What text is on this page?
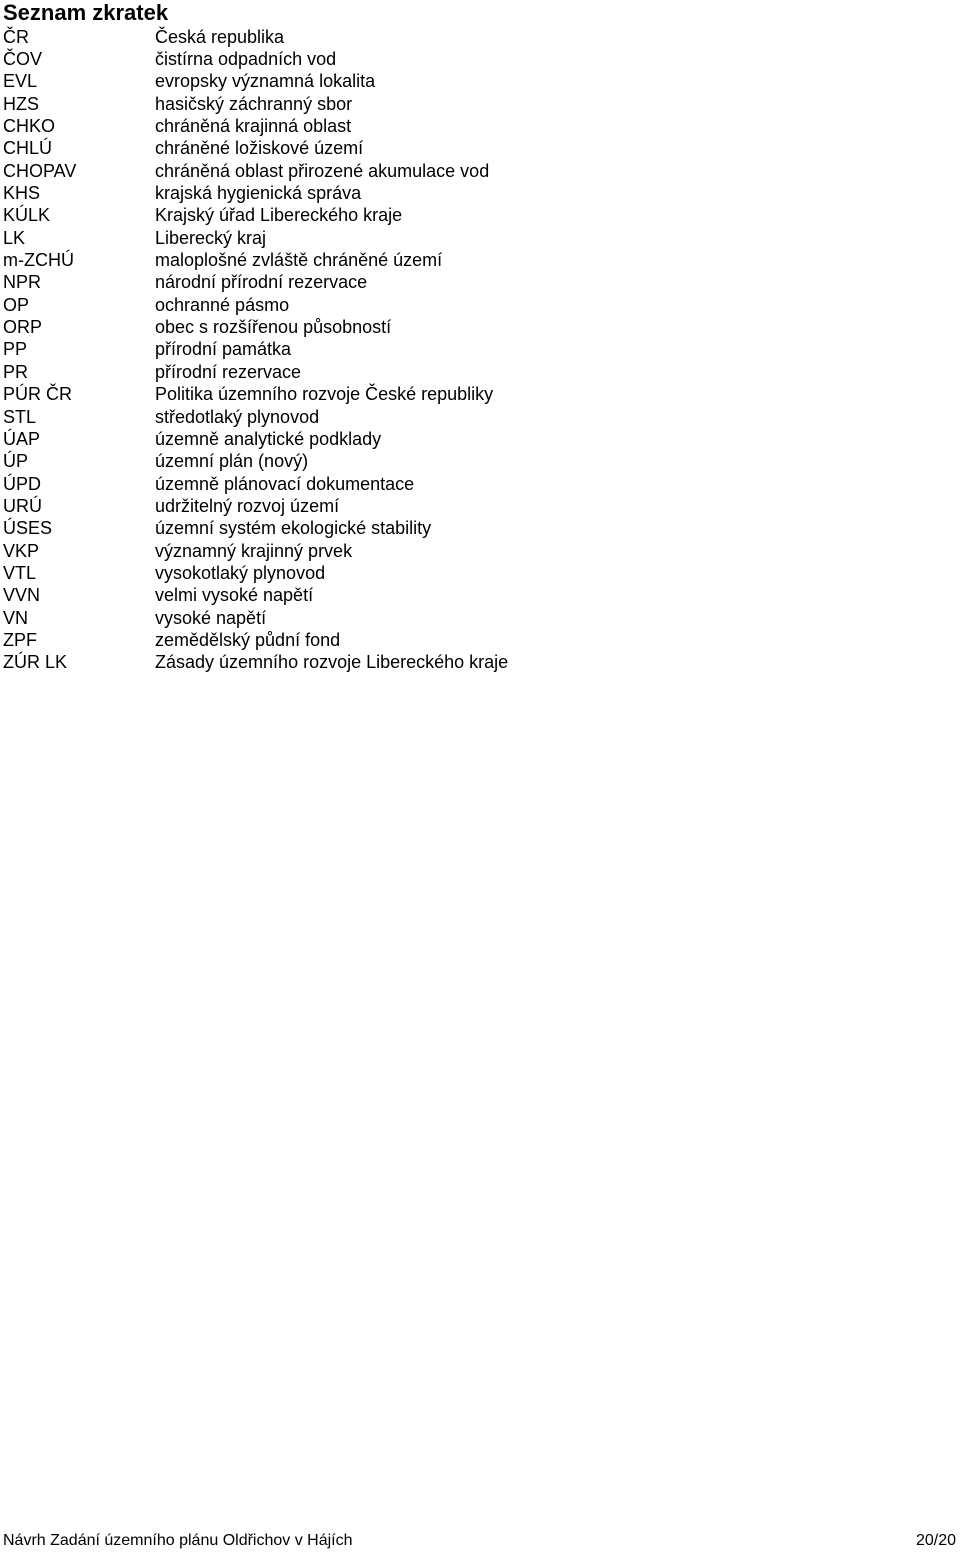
Seznam zkratek
ČR	Česká republika
ČOV	čistírna odpadních vod
EVL	evropsky významná lokalita
HZS	hasičský záchranný sbor
CHKO	chráněná krajinná oblast
CHLÚ	chráněné ložiskové území
CHOPAV	chráněná oblast přirozené akumulace vod
KHS	krajská hygienická správa
KÚLK	Krajský úřad Libereckého kraje
LK	Liberecký kraj
m-ZCHÚ	maloplošné zvláště chráněné území
NPR	národní přírodní rezervace
OP	ochranné pásmo
ORP	obec s rozšířenou působností
PP	přírodní památka
PR	přírodní rezervace
PÚR ČR	Politika územního rozvoje České republiky
STL	středotlaký plynovod
ÚAP	územně analytické podklady
ÚP	územní plán (nový)
ÚPD	územně plánovací dokumentace
URÚ	udržitelný rozvoj území
ÚSES	územní systém ekologické stability
VKP	významný krajinný prvek
VTL	vysokotlaký plynovod
VVN	velmi vysoké napětí
VN	vysoké napětí
ZPF	zemědělský půdní fond
ZÚR LK	Zásady územního rozvoje Libereckého kraje
Návrh Zadání územního plánu Oldřichov v Hájích	20/20
